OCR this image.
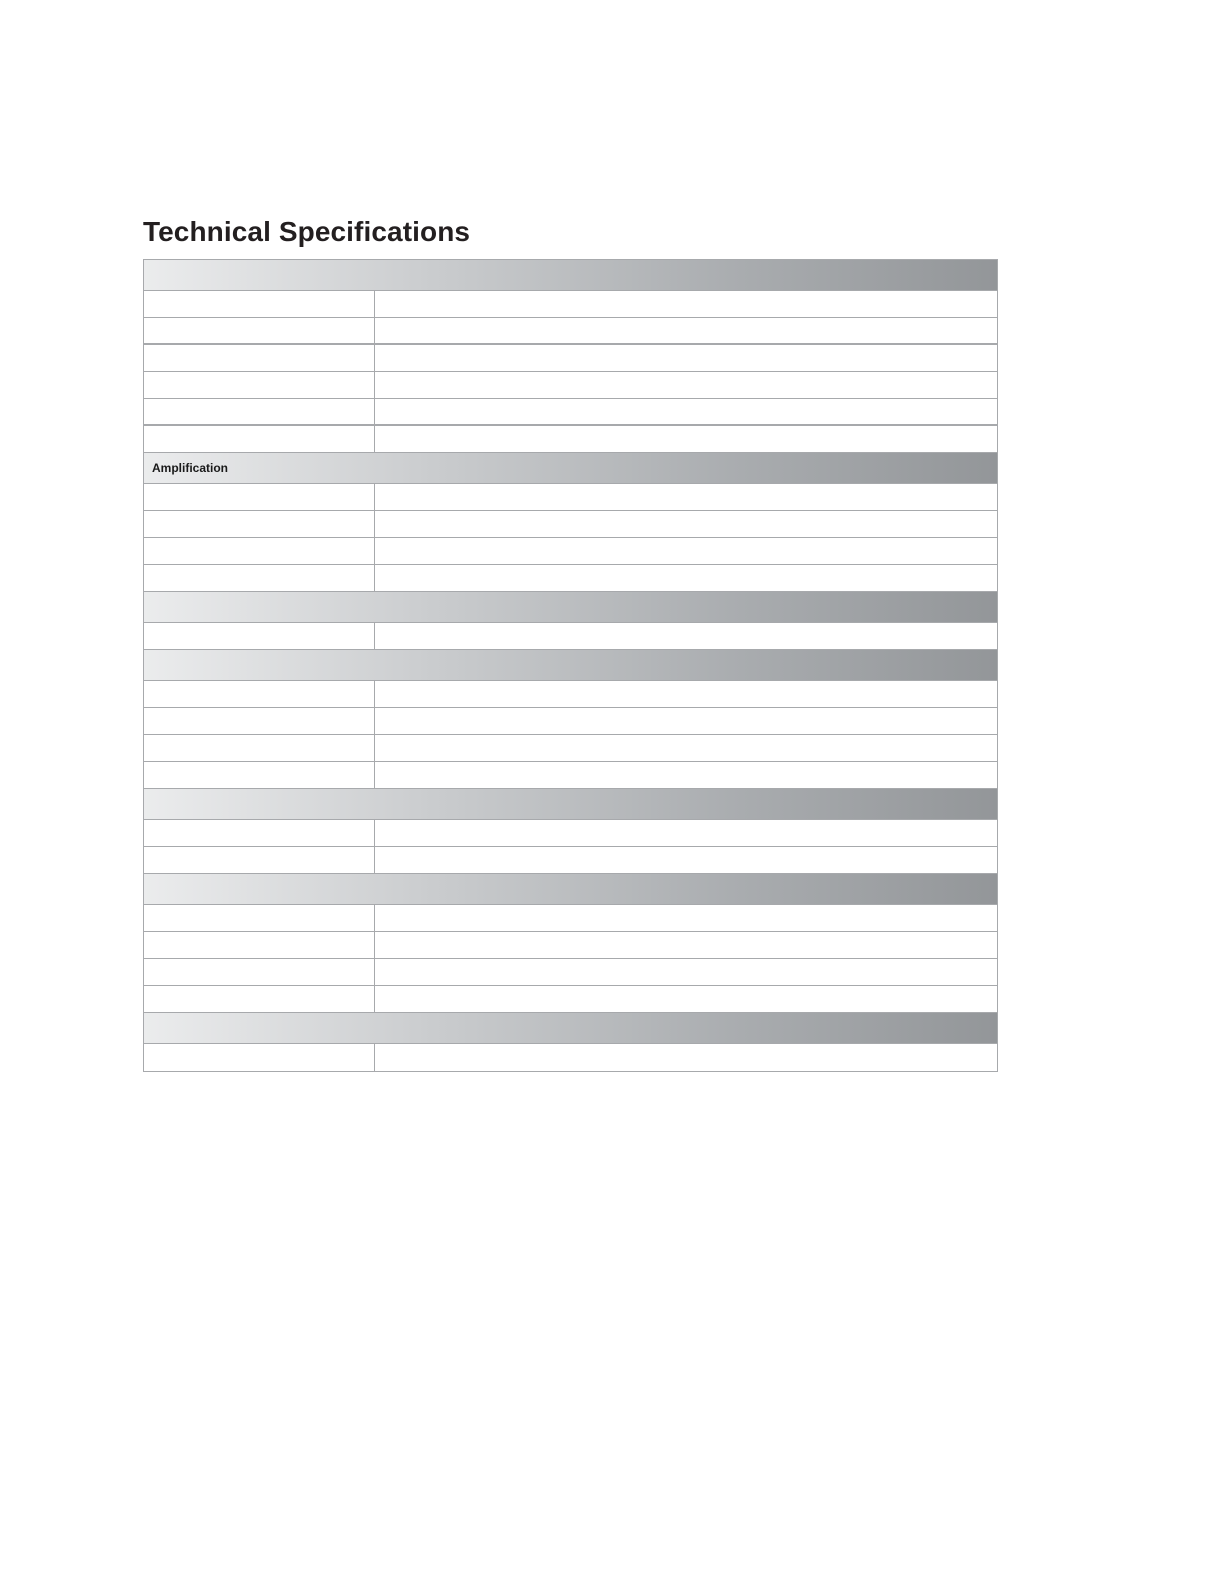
Technical Specifications
Amplification
